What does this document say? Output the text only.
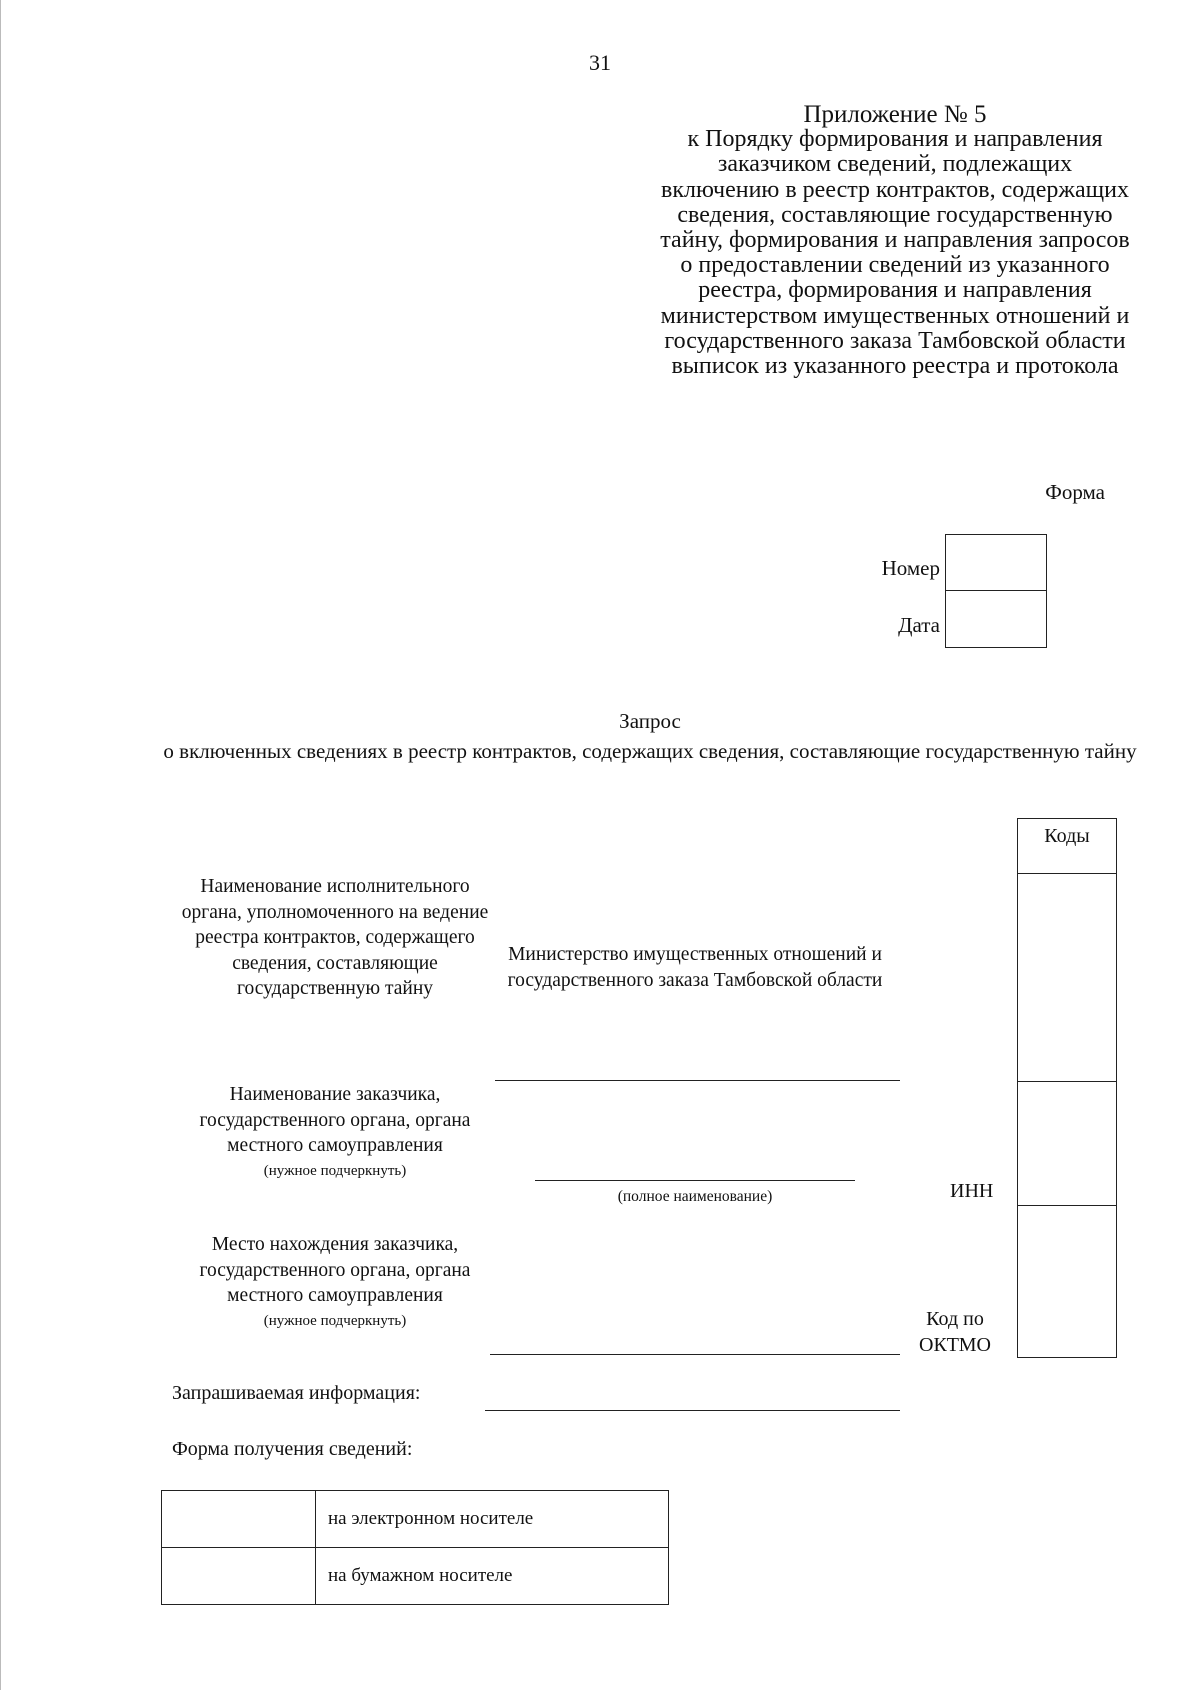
31
Приложение № 5
к Порядку формирования и направления заказчиком сведений, подлежащих включению в реестр контрактов, содержащих сведения, составляющие государственную тайну, формирования и направления запросов о предоставлении сведений из указанного реестра, формирования и направления министерством имущественных отношений и государственного заказа Тамбовской области выписок из указанного реестра и протокола
Форма
Номер
Дата
Запрос
о включенных сведениях в реестр контрактов, содержащих сведения, составляющие государственную тайну
Коды
Наименование исполнительного органа, уполномоченного на ведение реестра контрактов, содержащего сведения, составляющие государственную тайну
Министерство имущественных отношений и государственного заказа Тамбовской области
Наименование заказчика, государственного органа, органа местного самоуправления
(нужное подчеркнуть)
(полное наименование)	ИНН
Место нахождения заказчика, государственного органа, органа местного самоуправления
(нужное подчеркнуть)	Код по ОКТМО
Запрашиваемая информация:
Форма получения сведений:
	на электронном носителе
	на бумажном носителе
